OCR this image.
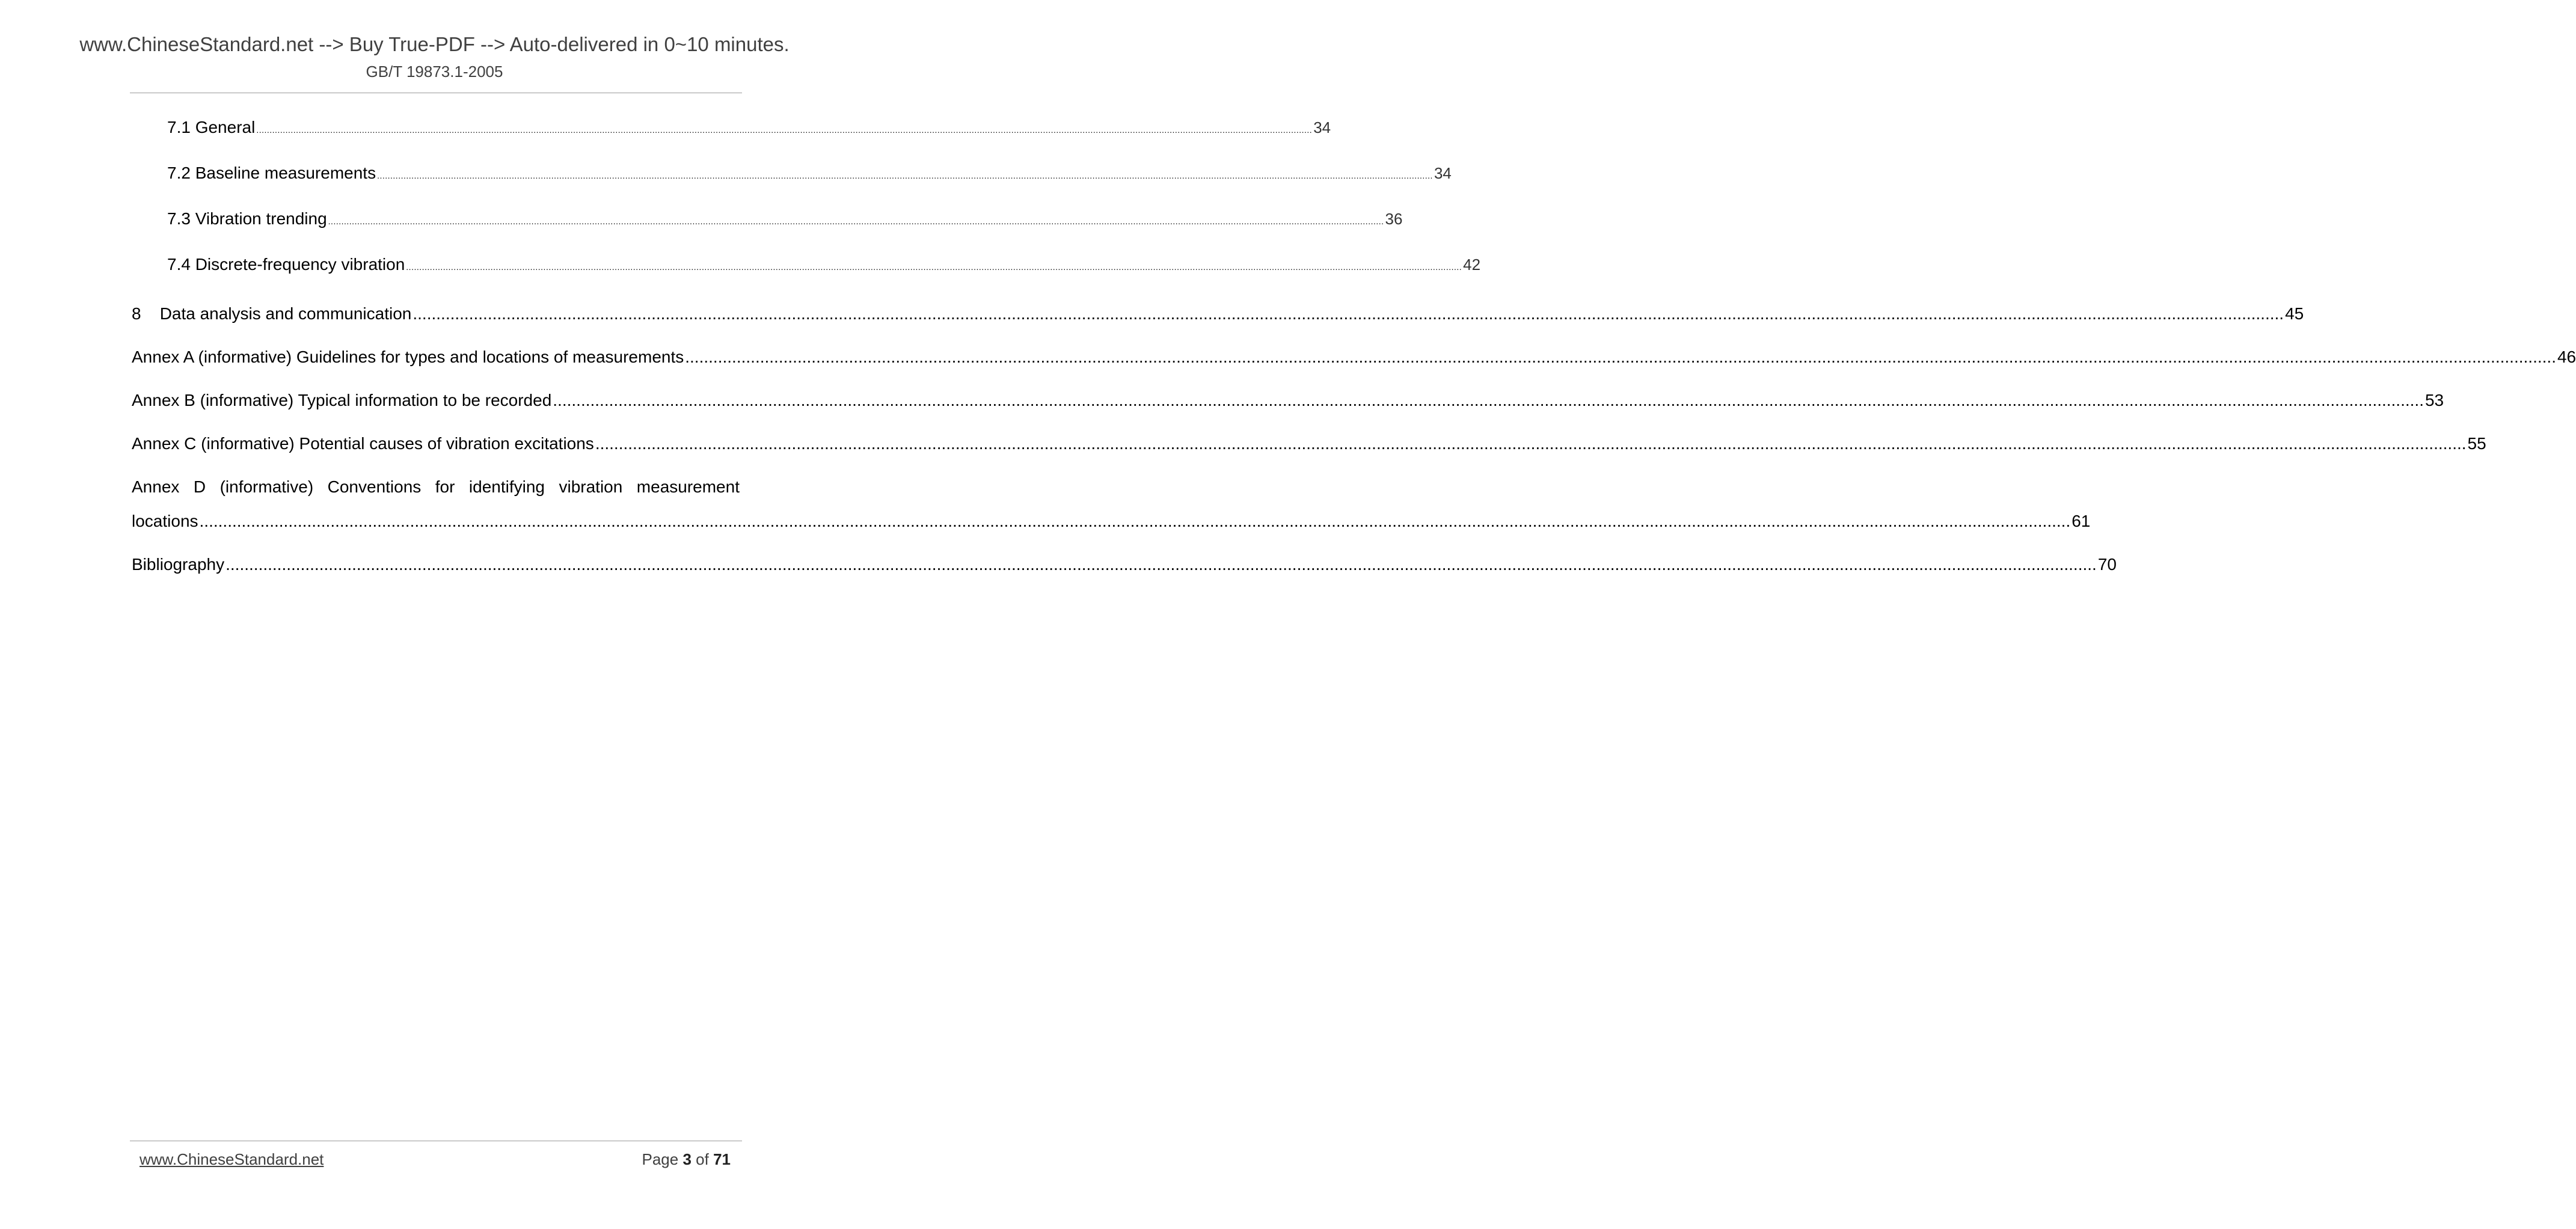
www.ChineseStandard.net --> Buy True-PDF --> Auto-delivered in 0~10 minutes.
GB/T 19873.1-2005
7.1 General ................................................................................................................................................................................................................................................................................................................................................................................................................ 34
7.2 Baseline measurements ................................................................................................................................................................................................................................................................................................................................................................................................................ 34
7.3 Vibration trending ................................................................................................................................................................................................................................................................................................................................................................................................................ 36
7.4 Discrete-frequency vibration ................................................................................................................................................................................................................................................................................................................................................................................................................ 42
8    Data analysis and communication ................................................................................................................................................................................................................................................................................................................................................................................................................ 45
Annex A (informative) Guidelines for types and locations of measurements ................................................................................................................................................................................................................................................................................................................................................................................................................ 46
Annex B (informative) Typical information to be recorded ................................................................................................................................................................................................................................................................................................................................................................................................................ 53
Annex C (informative) Potential causes of vibration excitations ................................................................................................................................................................................................................................................................................................................................................................................................................ 55
Annex D (informative) Conventions for identifying vibration measurement
locations ................................................................................................................................................................................................................................................................................................................................................................................................................ 61
Bibliography ................................................................................................................................................................................................................................................................................................................................................................................................................ 70
www.ChineseStandard.net	Page 3 of 71
